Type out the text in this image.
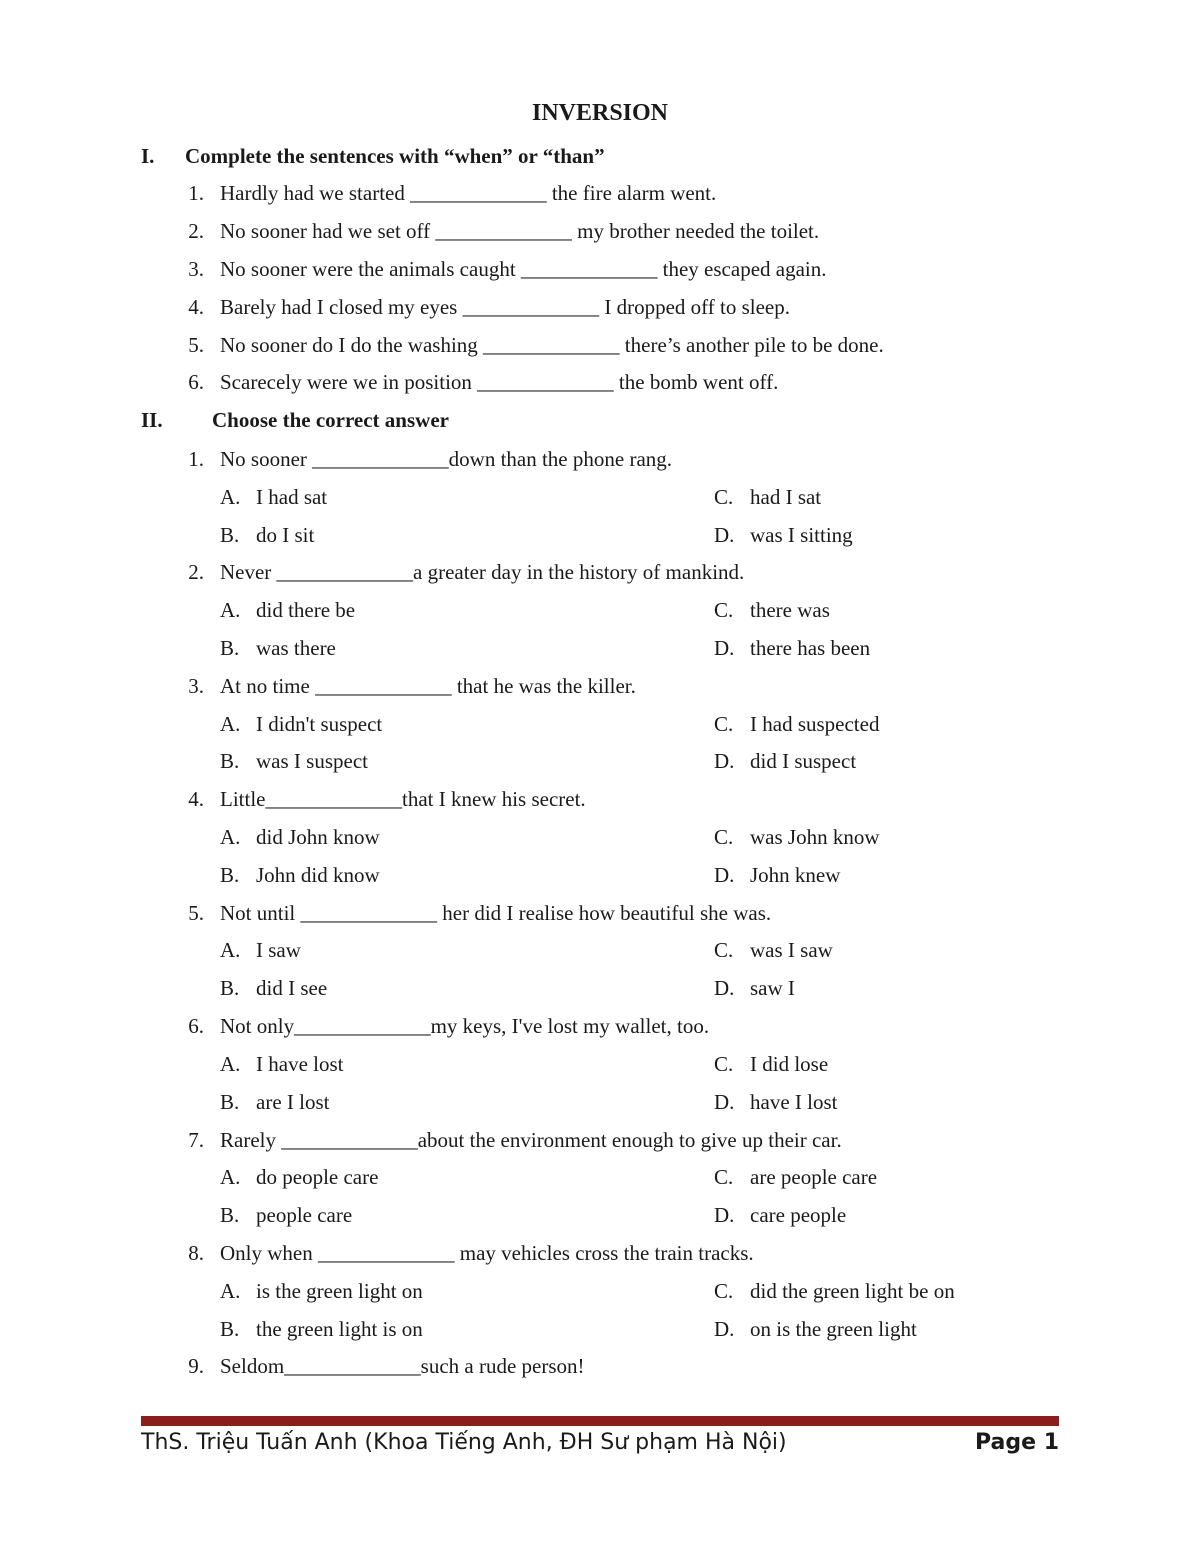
INVERSION
I. Complete the sentences with “when” or “than”
1. Hardly had we started _____________ the fire alarm went.
2. No sooner had we set off _____________ my brother needed the toilet.
3. No sooner were the animals caught _____________ they escaped again.
4. Barely had I closed my eyes _____________ I dropped off to sleep.
5. No sooner do I do the washing _____________ there’s another pile to be done.
6. Scarecely were we in position _____________ the bomb went off.
II. Choose the correct answer
1. No sooner _____________down than the phone rang.
A. I had sat	C. had I sat
B. do I sit	D. was I sitting
2. Never _____________a greater day in the history of mankind.
A. did there be	C. there was
B. was there	D. there has been
3. At no time _____________ that he was the killer.
A. I didn't suspect	C. I had suspected
B. was I suspect	D. did I suspect
4. Little_____________that I knew his secret.
A. did John know	C. was John know
B. John did know	D. John knew
5. Not until _____________ her did I realise how beautiful she was.
A. I saw	C. was I saw
B. did I see	D. saw I
6. Not only_____________my keys, I've lost my wallet, too.
A. I have lost	C. I did lose
B. are I lost	D. have I lost
7. Rarely _____________about the environment enough to give up their car.
A. do people care	C. are people care
B. people care	D. care people
8. Only when _____________ may vehicles cross the train tracks.
A. is the green light on	C. did the green light be on
B. the green light is on	D. on is the green light
9. Seldom_____________such a rude person!
ThS. Triệu Tuấn Anh (Khoa Tiếng Anh, ĐH Sư phạm Hà Nội)	Page 1
